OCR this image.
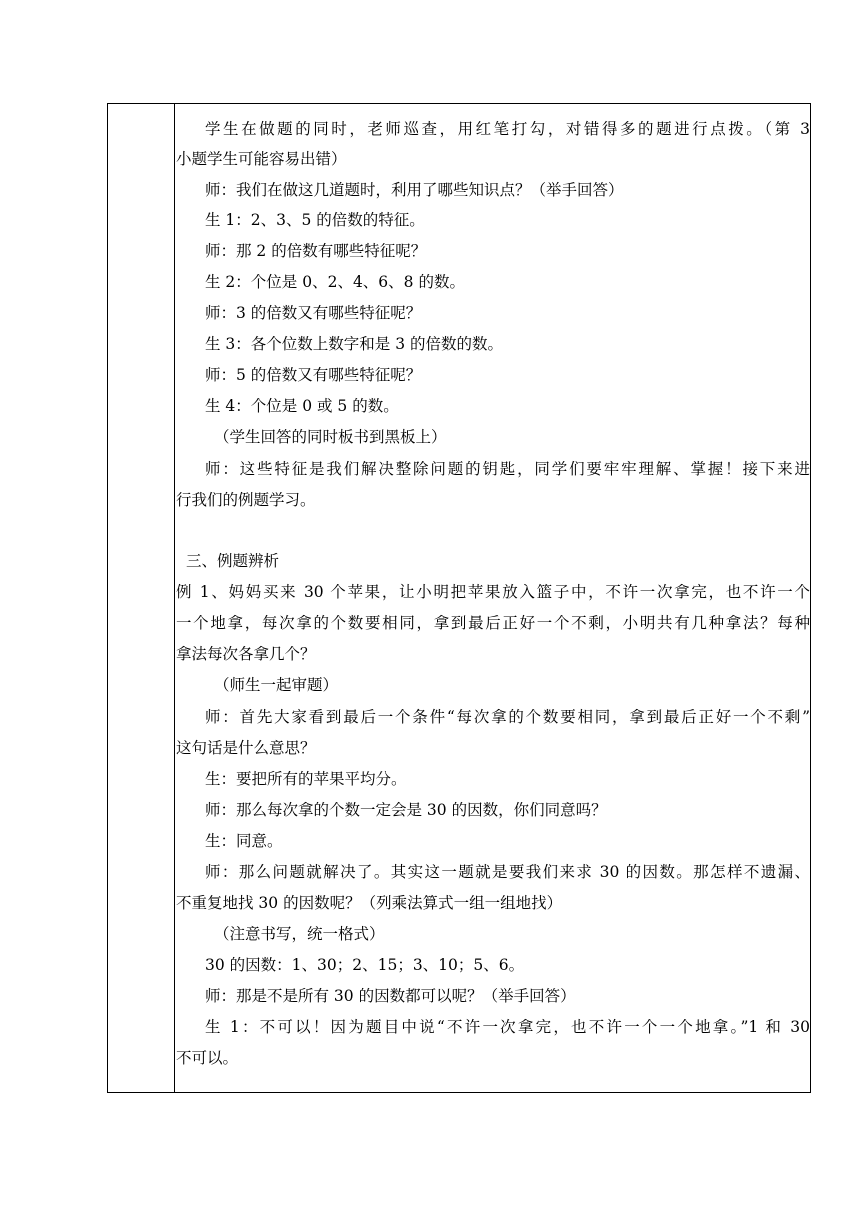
学生在做题的同时，老师巡查，用红笔打勾，对错得多的题进行点拨。（第 3
小题学生可能容易出错）
师：我们在做这几道题时，利用了哪些知识点？（举手回答）
生 1：2、3、5 的倍数的特征。
师：那 2 的倍数有哪些特征呢？
生 2：个位是 0、2、4、6、8 的数。
师：3 的倍数又有哪些特征呢？
生 3：各个位数上数字和是 3 的倍数的数。
师：5 的倍数又有哪些特征呢？
生 4：个位是 0 或 5 的数。
（学生回答的同时板书到黑板上）
师：这些特征是我们解决整除问题的钥匙，同学们要牢牢理解、掌握！接下来进
行我们的例题学习。
三、例题辨析
例 1、妈妈买来 30 个苹果，让小明把苹果放入篮子中，不许一次拿完，也不许一个
一个地拿，每次拿的个数要相同，拿到最后正好一个不剩，小明共有几种拿法？每种
拿法每次各拿几个？
（师生一起审题）
师：首先大家看到最后一个条件“每次拿的个数要相同，拿到最后正好一个不剩”
这句话是什么意思？
生：要把所有的苹果平均分。
师：那么每次拿的个数一定会是 30 的因数，你们同意吗？
生：同意。
师：那么问题就解决了。其实这一题就是要我们来求 30 的因数。那怎样不遗漏、
不重复地找 30 的因数呢？（列乘法算式一组一组地找）
（注意书写，统一格式）
30 的因数：1、30；2、15；3、10；5、6。
师：那是不是所有 30 的因数都可以呢？（举手回答）
生 1：不可以！因为题目中说“不许一次拿完，也不许一个一个地拿。”1 和 30
不可以。
